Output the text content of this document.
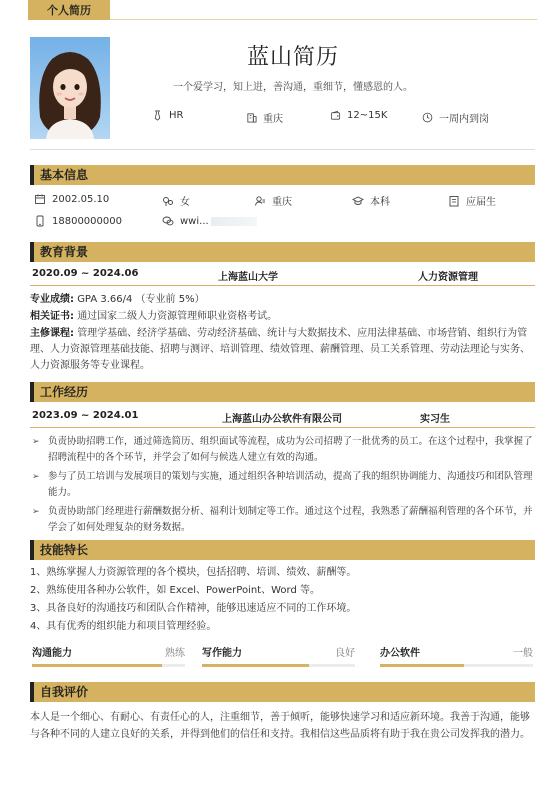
个人简历
蓝山简历
一个爱学习，知上进，善沟通，重细节，懂感恩的人。
HR	重庆	12~15K	一周内到岗
基本信息
2002.05.10	女	重庆	本科	应届生
18800000000	wwi...
教育背景
2020.09 ~ 2024.06	上海蓝山大学	人力资源管理
专业成绩: GPA 3.66/4 （专业前 5%）
相关证书: 通过国家二级人力资源管理师职业资格考试。
主修课程: 管理学基础、经济学基础、劳动经济基础、统计与大数据技术、应用法律基础、市场营销、组织行为管理、人力资源管理基础技能、招聘与测评、培训管理、绩效管理、薪酬管理、员工关系管理、劳动法理论与实务、人力资源服务等专业课程。
工作经历
2023.09 ~ 2024.01	上海蓝山办公软件有限公司	实习生
➢ 负责协助招聘工作，通过筛选简历、组织面试等流程，成功为公司招聘了一批优秀的员工。在这个过程中，我掌握了招聘流程中的各个环节，并学会了如何与候选人建立有效的沟通。
➢ 参与了员工培训与发展项目的策划与实施，通过组织各种培训活动，提高了我的组织协调能力、沟通技巧和团队管理能力。
➢ 负责协助部门经理进行薪酬数据分析、福利计划制定等工作。通过这个过程，我熟悉了薪酬福利管理的各个环节，并学会了如何处理复杂的财务数据。
技能特长
1、熟练掌握人力资源管理的各个模块，包括招聘、培训、绩效、薪酬等。
2、熟练使用各种办公软件，如 Excel、PowerPoint、Word 等。
3、具备良好的沟通技巧和团队合作精神，能够迅速适应不同的工作环境。
4、具有优秀的组织能力和项目管理经验。
沟通能力	熟练 写作能力	良好	办公软件	一般
自我评价
本人是一个细心、有耐心、有责任心的人，注重细节，善于倾听，能够快速学习和适应新环境。我善于沟通，能够与各种不同的人建立良好的关系，并得到他们的信任和支持。我相信这些品质将有助于我在贵公司发挥我的潜力。
